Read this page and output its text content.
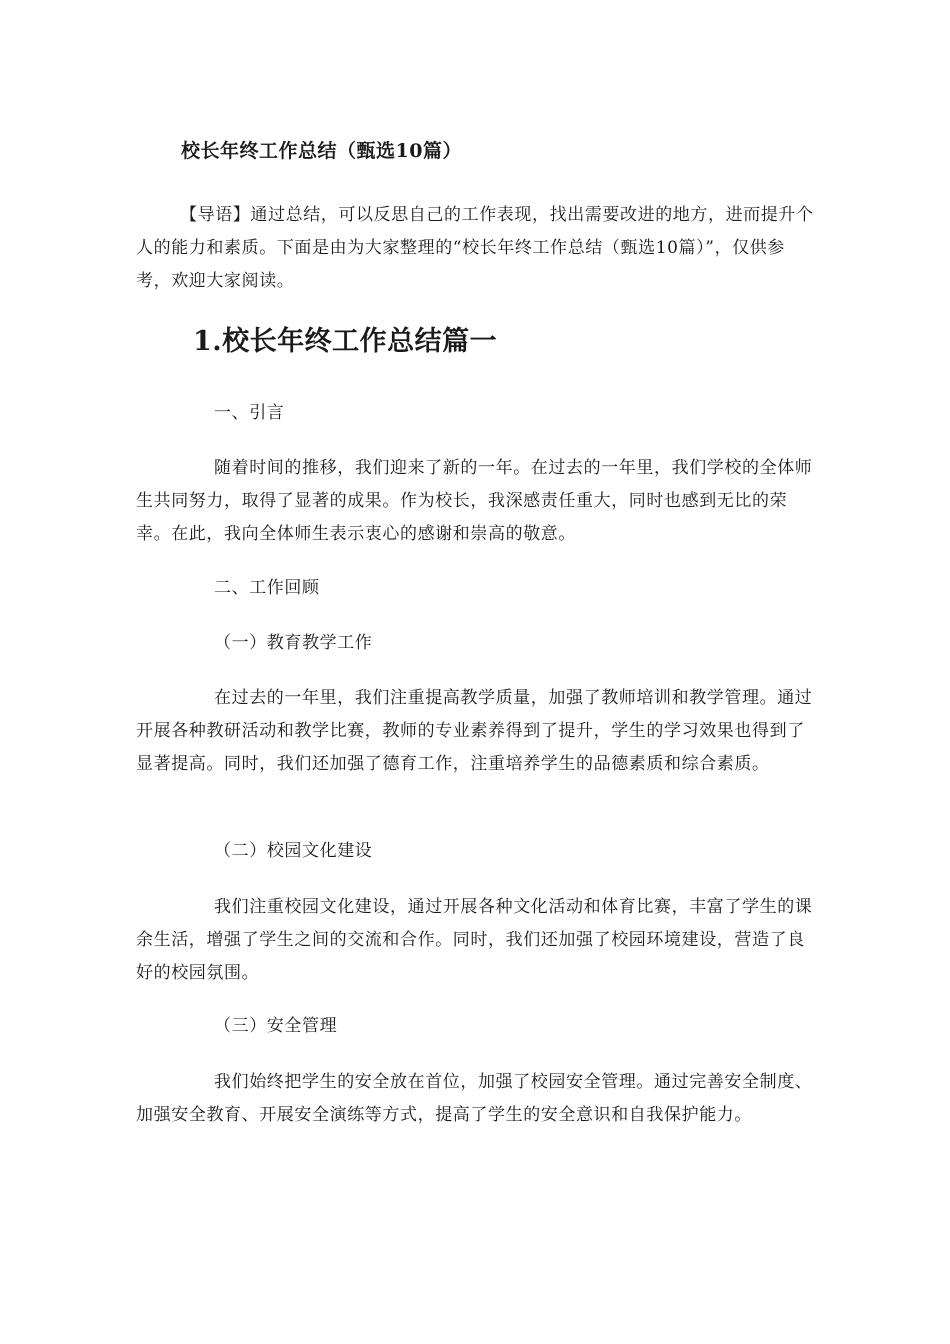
校长年终工作总结（甄选10篇）
【导语】通过总结，可以反思自己的工作表现，找出需要改进的地方，进而提升个人的能力和素质。下面是由为大家整理的“校长年终工作总结（甄选10篇）”，仅供参考，欢迎大家阅读。
1.校长年终工作总结篇一
一、引言
随着时间的推移，我们迎来了新的一年。在过去的一年里，我们学校的全体师生共同努力，取得了显著的成果。作为校长，我深感责任重大，同时也感到无比的荣幸。在此，我向全体师生表示衷心的感谢和崇高的敬意。
二、工作回顾
（一）教育教学工作
在过去的一年里，我们注重提高教学质量，加强了教师培训和教学管理。通过开展各种教研活动和教学比赛，教师的专业素养得到了提升，学生的学习效果也得到了显著提高。同时，我们还加强了德育工作，注重培养学生的品德素质和综合素质。
（二）校园文化建设
我们注重校园文化建设，通过开展各种文化活动和体育比赛，丰富了学生的课余生活，增强了学生之间的交流和合作。同时，我们还加强了校园环境建设，营造了良好的校园氛围。
（三）安全管理
我们始终把学生的安全放在首位，加强了校园安全管理。通过完善安全制度、加强安全教育、开展安全演练等方式，提高了学生的安全意识和自我保护能力。
